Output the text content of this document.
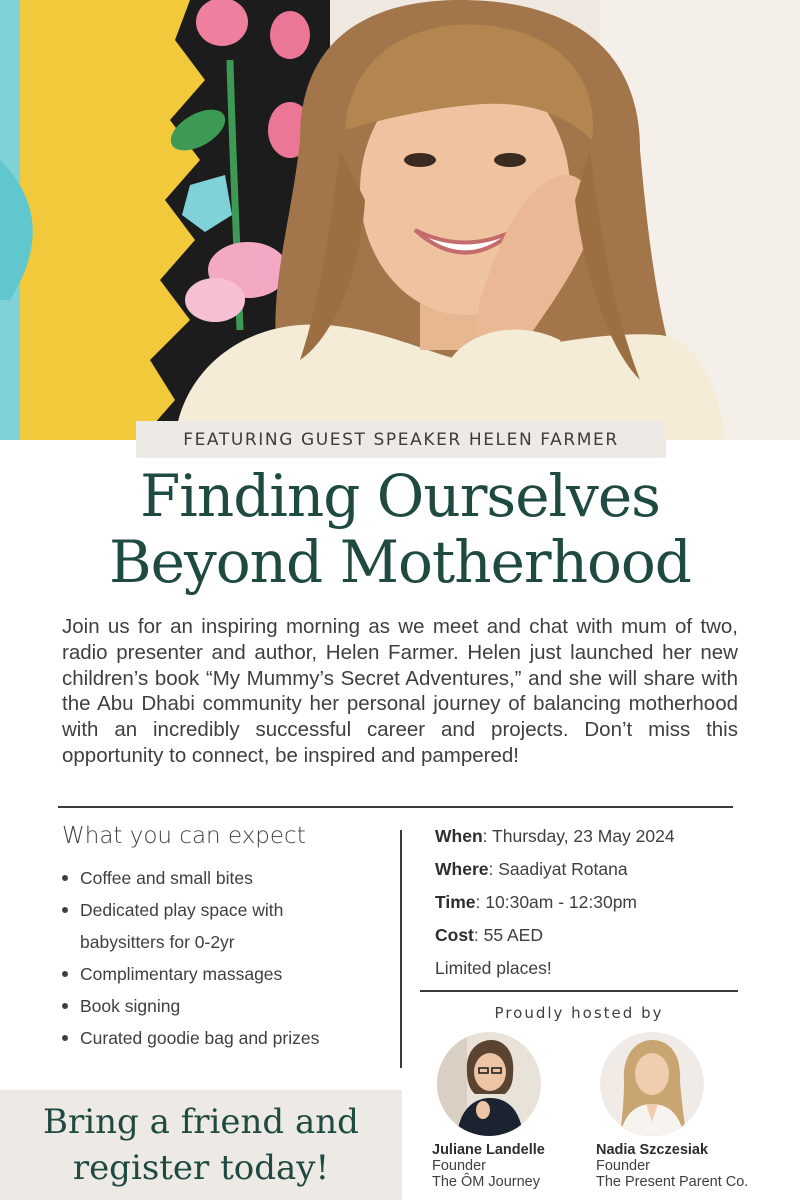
FEATURING GUEST SPEAKER HELEN FARMER
Finding Ourselves
Beyond Motherhood

Join us for an inspiring morning as we meet and chat with mum of two, radio presenter and author, Helen Farmer. Helen just launched her new children’s book “My Mummy’s Secret Adventures,” and she will share with the Abu Dhabi community her personal journey of balancing motherhood with an incredibly successful career and projects. Don’t miss this opportunity to connect, be inspired and pampered!

What you can expect
Coffee and small bites
Dedicated play space with
babysitters for 0-2yr
Complimentary massages
Book signing
Curated goodie bag and prizes
When: Thursday, 23 May 2024
Where: Saadiyat Rotana
Time: 10:30am - 12:30pm
Cost: 55 AED
Limited places!
Proudly hosted by
Juliane Landelle
Founder
The ÔM Journey
Nadia Szczesiak
Founder
The Present Parent Co.
Bring a friend and
register today!
